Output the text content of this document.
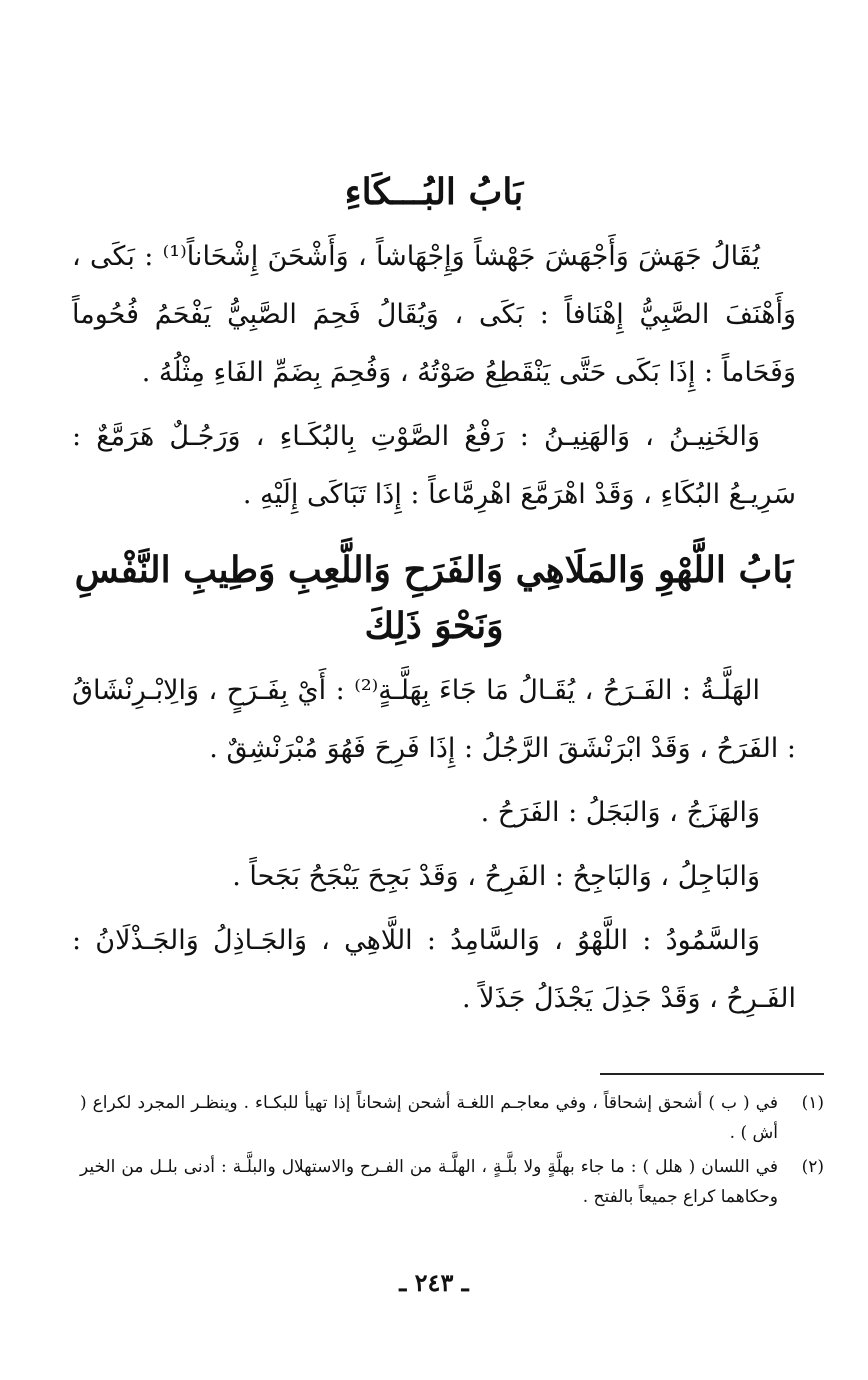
بَابُ البُـــكَاءِ

يُقَالُ جَهَشَ وَأَجْهَشَ جَهْشاً وَإِجْهَاشاً ، وَأَشْحَنَ إِشْحَاناً⁽¹⁾ : بَكَى ، وَأَهْنَفَ الصَّبِيُّ إِهْنَافاً : بَكَى ، وَيُقَالُ فَحِمَ الصَّبِيُّ يَفْحَمُ فُحُوماً وَفَحَاماً : إِذَا بَكَى حَتَّى يَنْقَطِعُ صَوْتُهُ ، وَفُحِمَ بِضَمِّ الفَاءِ مِثْلُهُ .

وَالخَنِيـنُ ، وَالهَنِيـنُ : رَفْعُ الصَّوْتِ بِالبُكَـاءِ ، وَرَجُـلٌ هَرَمَّعٌ : سَرِيـعُ البُكَاءِ ، وَقَدْ اهْرَمَّعَ اهْرِمَّاعاً : إِذَا تَبَاكَى إِلَيْهِ .

بَابُ اللَّهْوِ وَالمَلَاهِي وَالفَرَحِ وَاللَّعِبِ وَطِيبِ النَّفْسِ وَنَحْوَ ذَلِكَ

الهَلَّـةُ : الفَـرَحُ ، يُقَـالُ مَا جَاءَ بِهَلَّـةٍ⁽²⁾ : أَيْ بِفَـرَحٍ ، وَالِابْـرِنْشَاقُ : الفَرَحُ ، وَقَدْ ابْرَنْشَقَ الرَّجُلُ : إِذَا فَرِحَ فَهُوَ مُبْرَنْشِقٌ .

وَالهَزَجُ ، وَالبَجَلُ : الفَرَحُ .

وَالبَاجِلُ ، وَالبَاجِحُ : الفَرِحُ ، وَقَدْ بَجِحَ يَبْجَحُ بَجَحاً .

وَالسَّمُودُ : اللَّهْوُ ، وَالسَّامِدُ : اللَّاهِي ، وَالجَـاذِلُ وَالجَـذْلَانُ : الفَـرِحُ ، وَقَدْ جَذِلَ يَجْذَلُ جَذَلاً .

(١)
في ( ب ) أشحق إشحاقاً ، وفي معاجـم اللغـة أشحن إشحاناً إذا تهيأ للبكـاء . وينظـر المجرد لكراع ( أش ) .
(٢)
في اللسان ( هلل ) : ما جاء بهلَّةٍ ولا بلَّـةٍ ، الهلَّـة من الفـرح والاستهلال والبلَّـة : أدنى بلـل من الخير وحكاهما كراع جميعاً بالفتح .
ـ ٢٤٣ ـ
